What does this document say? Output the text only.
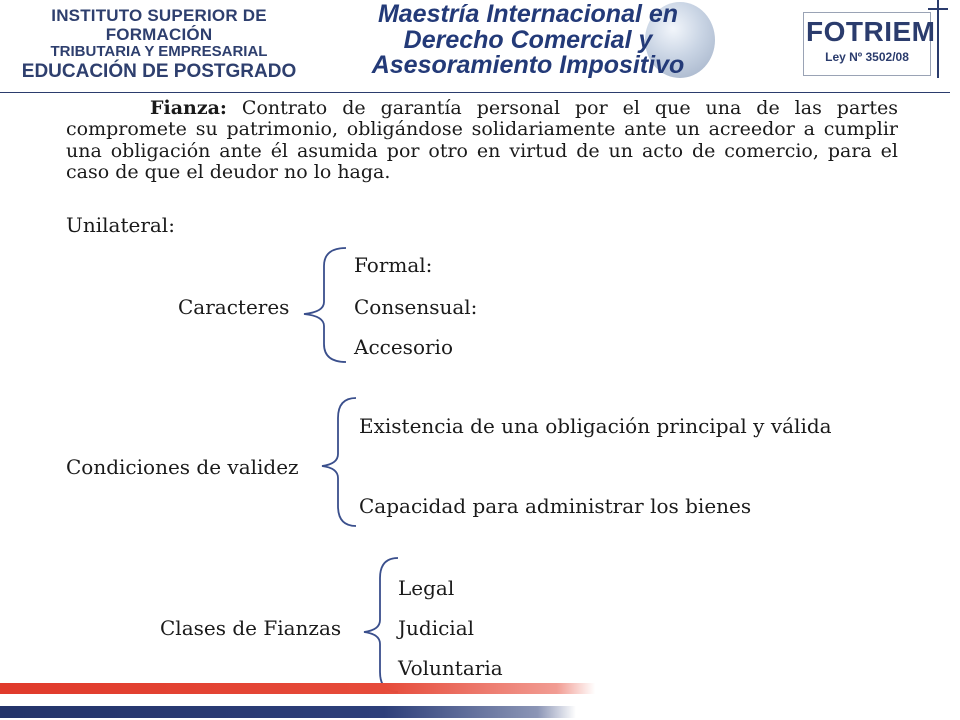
INSTITUTO SUPERIOR DE FORMACIÓN
TRIBUTARIA Y EMPRESARIAL
EDUCACIÓN DE POSTGRADO
Maestría Internacional en
Derecho Comercial y
Asesoramiento Impositivo
FOTRIEM
Ley Nº 3502/08

Fianza: Contrato de garantía personal por el que una de las partes compromete su patrimonio, obligándose solidariamente ante un acreedor a cumplir una obligación ante él asumida por otro en virtud de un acto de comercio, para el caso de que el deudor no lo haga.

Unilateral:
Caracteres
Formal:
Consensual:
Accesorio
Condiciones de validez
Existencia de una obligación principal y válida
Capacidad para administrar los bienes
Clases de Fianzas
Legal
Judicial
Voluntaria
